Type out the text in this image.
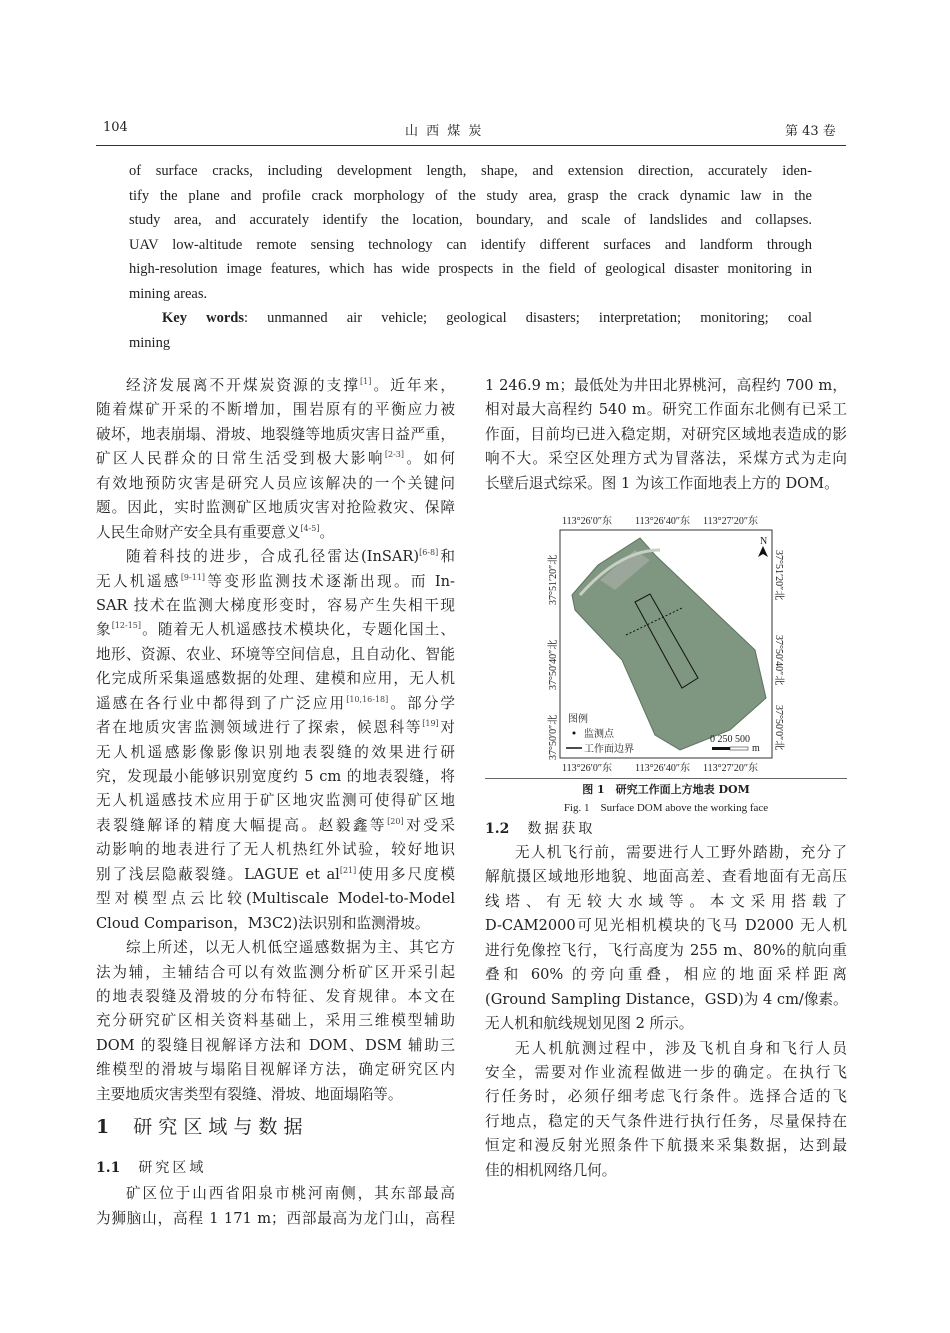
104	山 西 煤 炭	第 43 卷
of surface cracks, including development length, shape, and extension direction, accurately iden-
tify the plane and profile crack morphology of the study area, grasp the crack dynamic law in the
study area, and accurately identify the location, boundary, and scale of landslides and collapses.
UAV low-altitude remote sensing technology can identify different surfaces and landform through
high-resolution image features, which has wide prospects in the field of geological disaster monitoring in
mining areas.
Key words: unmanned air vehicle; geological disasters; interpretation; monitoring; coal
mining
经济发展离不开煤炭资源的支撑[1]。近年来，
随着煤矿开采的不断增加，围岩原有的平衡应力被
破坏，地表崩塌、滑坡、地裂缝等地质灾害日益严重，
矿区人民群众的日常生活受到极大影响[2-3]。如何
有效地预防灾害是研究人员应该解决的一个关键问
题。因此，实时监测矿区地质灾害对抢险救灾、保障
人民生命财产安全具有重要意义[4-5]。
随着科技的进步，合成孔径雷达(InSAR)[6-8]和
无人机遥感[9-11]等变形监测技术逐渐出现。而 In-
SAR 技术在监测大梯度形变时，容易产生失相干现
象[12-15]。随着无人机遥感技术模块化，专题化国土、
地形、资源、农业、环境等空间信息，且自动化、智能
化完成所采集遥感数据的处理、建模和应用，无人机
遥感在各行业中都得到了广泛应用[10,16-18]。部分学
者在地质灾害监测领域进行了探索，候恩科等[19]对
无人机遥感影像影像识别地表裂缝的效果进行研
究，发现最小能够识别宽度约 5 cm 的地表裂缝，将
无人机遥感技术应用于矿区地灾监测可使得矿区地
表裂缝解译的精度大幅提高。赵毅鑫等[20]对受采
动影响的地表进行了无人机热红外试验，较好地识
别了浅层隐蔽裂缝。LAGUE et al[21]使用多尺度模
型对模型点云比较(Multiscale Model-to-Model
Cloud Comparison，M3C2)法识别和监测滑坡。
综上所述，以无人机低空遥感数据为主、其它方
法为辅，主辅结合可以有效监测分析矿区开采引起
的地表裂缝及滑坡的分布特征、发育规律。本文在
充分研究矿区相关资料基础上，采用三维模型辅助
DOM 的裂缝目视解译方法和 DOM、DSM 辅助三
维模型的滑坡与塌陷目视解译方法，确定研究区内
主要地质灾害类型有裂缝、滑坡、地面塌陷等。
1 研 究 区 域 与 数 据
1.1 研究区域
矿区位于山西省阳泉市桃河南侧，其东部最高
为狮脑山，高程 1 171 m；西部最高为龙门山，高程
1 246.9 m；最低处为井田北界桃河，高程约 700 m，
相对最大高程约 540 m。研究工作面东北侧有已采工
作面，目前均已进入稳定期，对研究区域地表造成的影
响不大。采空区处理方式为冒落法，采煤方式为走向
长壁后退式综采。图 1 为该工作面地表上方的 DOM。
113°26′0″东 113°26′40″东 113°27′20″东
113°26′0″东 113°26′40″东 113°27′20″东
37°51′20″北
37°50′40″北
37°50′0″北
37°51′20″北
37°50′40″北
37°50′0″北
N
图例
监测点
工作面边界
0 250 500
m
图 1　研究工作面上方地表 DOM
Fig. 1　Surface DOM above the working face
1.2 数据获取
无人机飞行前，需要进行人工野外踏勘，充分了
解航摄区域地形地貌、地面高差、查看地面有无高压
线塔、有无较大水域等。本文采用搭载了
D-CAM2000可见光相机模块的飞马 D2000 无人机
进行免像控飞行，飞行高度为 255 m、80%的航向重
叠和 60% 的旁向重叠，相应的地面采样距离
(Ground Sampling Distance，GSD)为 4 cm/像素。
无人机和航线规划见图 2 所示。
无人机航测过程中，涉及飞机自身和飞行人员
安全，需要对作业流程做进一步的确定。在执行飞
行任务时，必须仔细考虑飞行条件。选择合适的飞
行地点，稳定的天气条件进行执行任务，尽量保持在
恒定和漫反射光照条件下航摄来采集数据，达到最
佳的相机网络几何。
